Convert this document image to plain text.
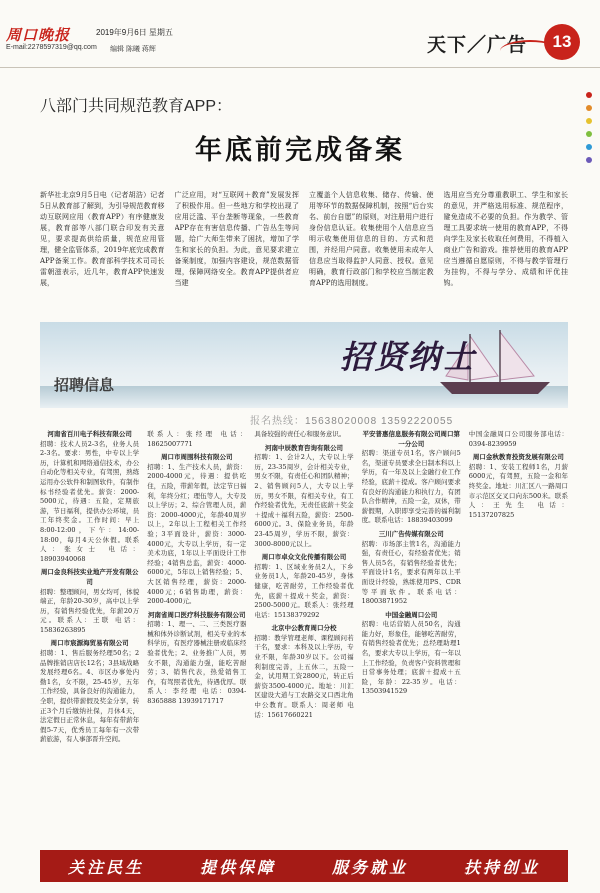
周口晚报	2019年9月6日 星期五
E-mail:2278597319@qq.com 编辑 陈曦 蒋辉	天下／广告	13
八部门共同规范教育APP：
年底前完成备案
新华社北京9月5日电（记者胡浩）记者5日从教育部了解到，为引导规范教育移动互联网应用（教育APP）有序健康发展，教育部等八部门联合印发有关意见，要求提高供给质量，规范应用管理，健全监管体系，2019年底完成教育APP备案工作。教育部科学技术司司长雷朝滋表示，近几年，教育APP快速发展，
广泛应用，对“互联网＋教育”发展发挥了积极作用。但一些地方和学校出现了应用泛滥、平台垄断等现象，一些教育APP存在有害信息传播、广告丛生等问题，给广大师生带来了困扰，增加了学生和家长的负担。为此，意见要求建立备案制度，加强内容建设，规范数据管理，保障网络安全。教育APP提供者应当建
立覆盖个人信息收集、储存、传输、使用等环节的数据保障机制，按照“后台实名、前台自愿”的原则，对注册用户进行身份信息认证。收集使用个人信息应当明示收集使用信息的目的、方式和范围，并经用户同意。收集使用未成年人信息应当取得监护人同意、授权。意见明确，教育行政部门和学校应当制定教育APP的选用制度。
选用应当充分尊重教职工、学生和家长的意见，并严格选用标准、规范程序，避免造成不必要的负担。作为教学、管理工具要求统一使用的教育APP，不得向学生及家长收取任何费用，不得植入商业广告和游戏。推荐使用的教育APP应当遵循自愿原则，不得与教学管理行为挂钩，不得与学分、成绩和评优挂钩。
招贤纳士
招聘信息
报名热线：15638020008 13592220055
河南省百川电子科技有限公司
招聘：技术人员2-3名，业务人员2-3名。要求：男性，中专以上学历，计算机和网络通信技术，办公自动化等相关专业，有驾照，熟练运用办公软件和制图软件，有制作标书经验者优先。薪资：2000-5000元，待遇：五险，定期旅游，节日福利，提供办公环境，员工年终奖金。工作时间：早上8:00-12:00，下午：14:00-18:00，每月4天公休假。联系人：张女士 电话：18903940068
周口金良科技实业地产开发有限公司
招聘：整理顾问，男女均可，体貌端正，年龄20-30岁，高中以上学历，有销售经验优先，年薪20万元。联系人：王联 电话：15836263895
周口市宸源海贸易有限公司
招聘：1、售后服务经理50名；2品牌推销店店长12名；3县域战略发展经理6名。4、市区办事处内勤1名，女不限，25-45岁，五年工作经验，具备良好的沟通能力，全职，提供带薪假及奖金分享，转正3个月后缴纳社保，月休4天，法定假日正常休息，每年有带薪年假5-7天，优秀员工每年有一次带薪旅游，有人事部晋升空间。
联系人：张经理 电话：18625007771
周口市周围科技有限公司
招聘：1、生产技术人员，薪资：2000-4000元，待遇：提供吃住，五险，带薪年假，法定节日福利，年终分红；理伍等人，大专及以上学历；2、综合管理人员，薪资：2000-4000元，年龄40周岁以上，2年以上工程相关工作经验；3平面设计，薪资：3000-4000元，大专以上学历，有一定美术功底，1年以上平面设计工作经验；4销售总监，薪资：4000-6000元，5年以上销售经验；5、大区销售经理，薪资：2000-4000元；6销售助理，薪资：2000-4000元。
河南省周口医疗科技服务有限公司
招聘：1、理一、二、三类医疗器械和体外诊断试剂，相关专业的本科学历，有医疗器械注册或临床经验者优先；2、业务推广人员，男女不限，沟通能力强，能吃苦耐劳；3、销售代表，热爱销售工作，有驾照者优先，待遇优厚。联系人：李经理 电话：0394-8365888 13939171717
具备较强的责任心和服务意识。
河南中辰教育咨询有限公司
招聘：1、会计2人，大专以上学历，23-35周岁，会计相关专业，男女不限，有责任心和团队精神；2、销售顾问5人，大专以上学历，男女不限，有相关专业，有工作经验者优先，无责任底薪＋奖金＋提成＋福利五险，薪资：2500-6000元。3、保险业务员，年龄23-45周岁，学历不限，薪资：3000-8000元以上。
周口市卓众文化传播有限公司
招聘：1、区域业务员2人，下乡业务员1人，年龄20-45岁，身体健康，吃苦耐劳，工作经验者优先，底薪＋提成＋奖金，薪资：2500-5000元。联系人：张经理 电话：15138379292
北京中公教育周口分校
招聘：教学管理老师、课程顾问若干名，要求：本科及以上学历，专业不限，年龄30岁以下。公司福利制度完善，上五休二，五险一金，试用期工资2800元，转正后薪资3500-4000元。地址：川汇区建设大道与工农路交叉口西北角中公教育。联系人：周老师 电话：15617660221
平安普惠信息服务有限公司周口第一分公司
招聘：渠道专员1名，客户顾问5名，渠道专员要求全日制本科以上学历，有一年及以上金融行业工作经验，底薪＋提成。客户顾问要求有良好的沟通能力和执行力，有团队合作精神，五险一金，双休，带薪假期，入职即享受完善的福利制度。联系电话：18839403099
三川广告传媒有限公司
招聘：市场部主管1名，沟通能力强，有责任心，有经验者优先；销售人员5名，有销售经验者优先；平面设计1名，要求有两年以上平面设计经验，熟练使用PS、CDR等平面软件。联系电话：18003871952
中国金融周口公司
招聘：电话营销人员50名，沟通能力好，形象佳，能够吃苦耐劳，有销售经验者优先；总经理助理1名，要求大专以上学历，有一年以上工作经验，负责客户资料管理和日常事务处理；底薪＋提成＋五险，年龄：22-35岁。电话：13503941529
中国金融周口公司服务部电话：0394-8239959
周口金秋教育投资发展有限公司
招聘：1、安装工程师1名，月薪6000元，有驾照，五险一金和年终奖金。地址：川汇区八一路周口市示范区交叉口向东500米。联系人：王先生 电话：15137207825
关注民生	提供保障	服务就业	扶持创业
